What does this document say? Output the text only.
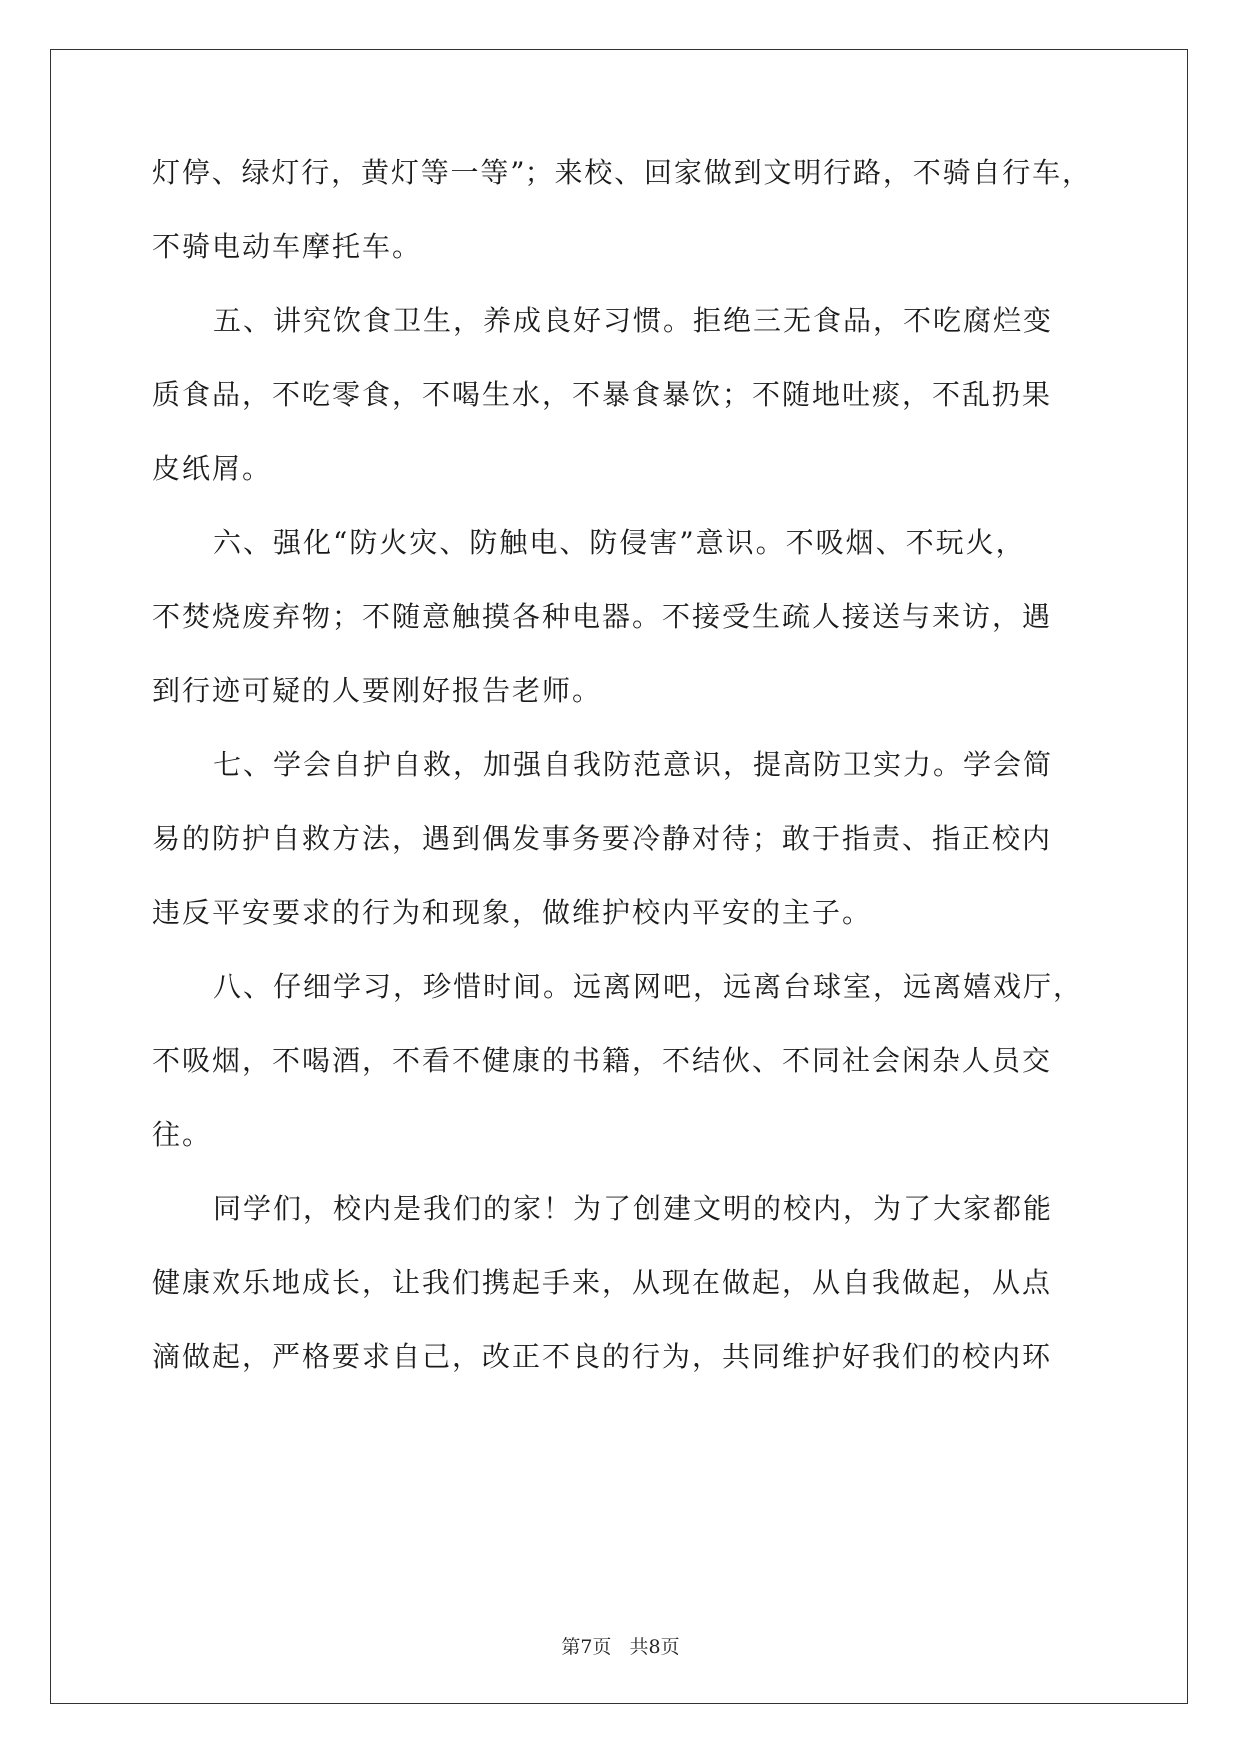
灯停、绿灯行，黄灯等一等”；来校、回家做到文明行路，不骑自行车，

不骑电动车摩托车。

五、讲究饮食卫生，养成良好习惯。拒绝三无食品，不吃腐烂变

质食品，不吃零食，不喝生水，不暴食暴饮；不随地吐痰，不乱扔果

皮纸屑。

六、强化“防火灾、防触电、防侵害”意识。不吸烟、不玩火，

不焚烧废弃物；不随意触摸各种电器。不接受生疏人接送与来访，遇

到行迹可疑的人要刚好报告老师。

七、学会自护自救，加强自我防范意识，提高防卫实力。学会简

易的防护自救方法，遇到偶发事务要冷静对待；敢于指责、指正校内

违反平安要求的行为和现象，做维护校内平安的主子。

八、仔细学习，珍惜时间。远离网吧，远离台球室，远离嬉戏厅，

不吸烟，不喝酒，不看不健康的书籍，不结伙、不同社会闲杂人员交

往。

同学们，校内是我们的家！为了创建文明的校内，为了大家都能

健康欢乐地成长，让我们携起手来，从现在做起，从自我做起，从点

滴做起，严格要求自己，改正不良的行为，共同维护好我们的校内环

第7页   共8页
